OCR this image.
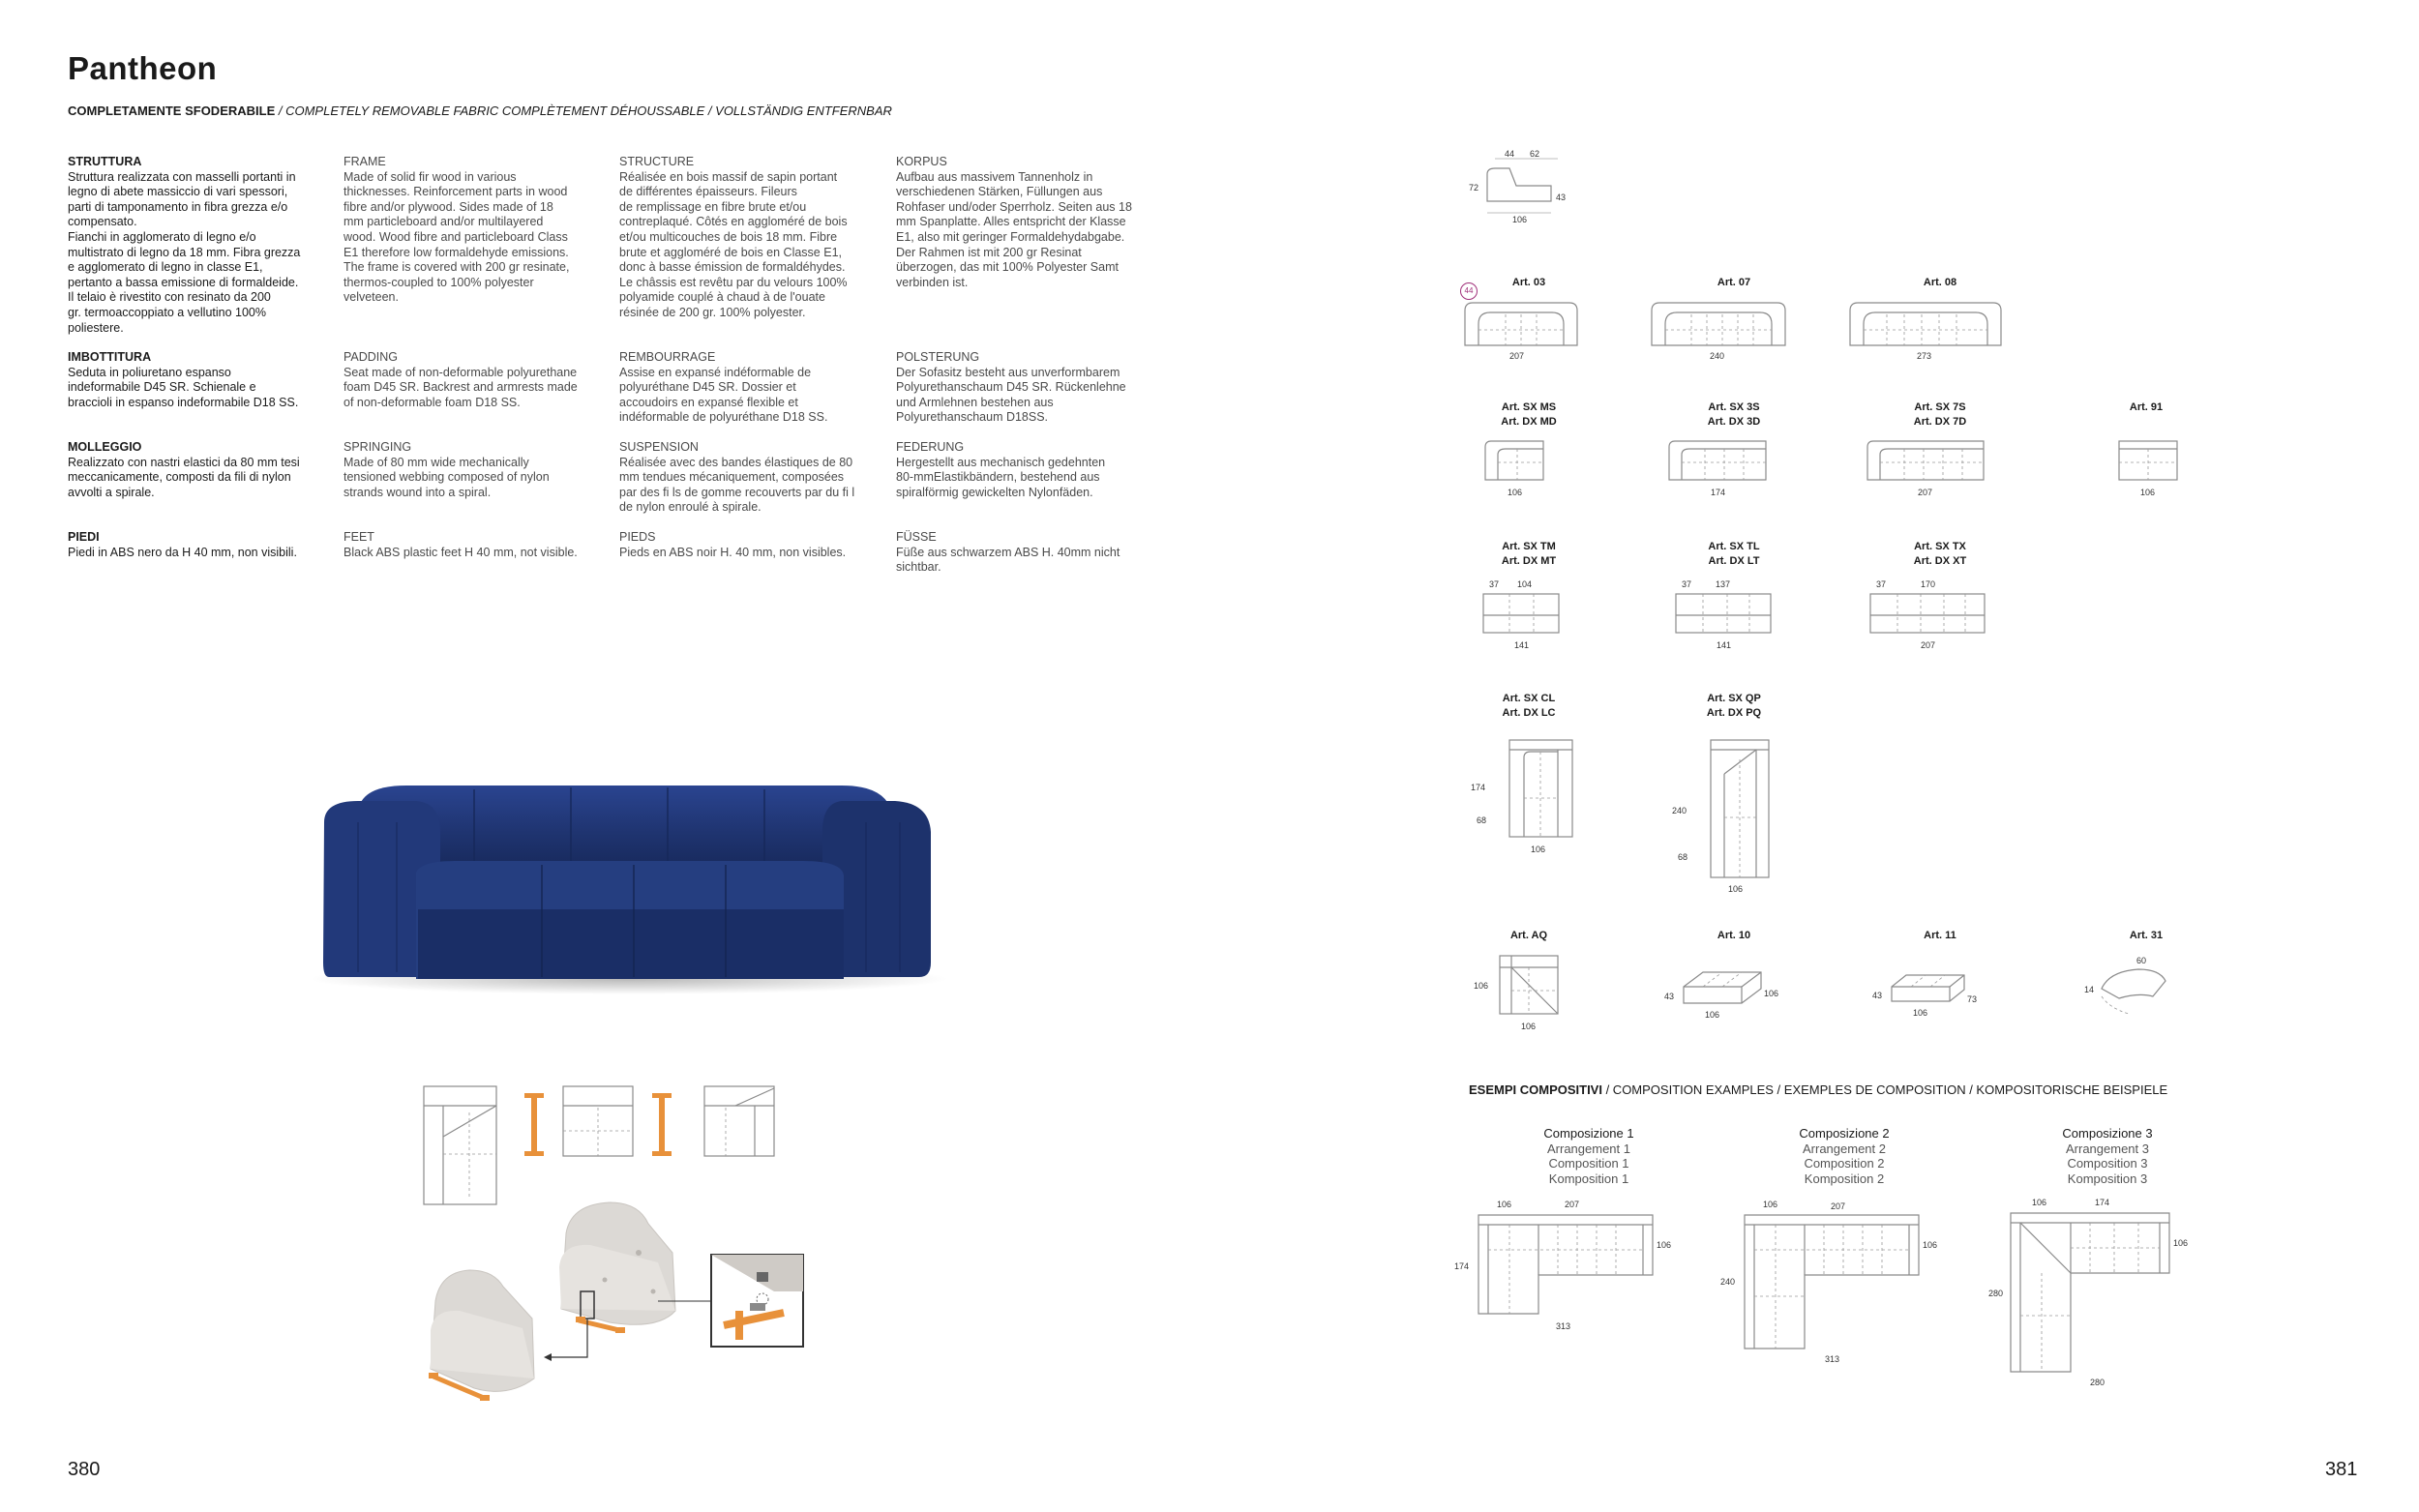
Pantheon
COMPLETAMENTE SFODERABILE / COMPLETELY REMOVABLE FABRIC COMPLÈTEMENT DÉHOUSSABLE / VOLLSTÄNDIG ENTFERNBAR
STRUTTURA
Struttura realizzata con masselli portanti in
legno di abete massiccio di vari spessori,
parti di tamponamento in fibra grezza e/o
compensato.
Fianchi in agglomerato di legno e/o
multistrato di legno da 18 mm. Fibra grezza
e agglomerato di legno in classe E1,
pertanto a bassa emissione di formaldeide.
Il telaio è rivestito con resinato da 200
gr. termoaccoppiato a vellutino 100%
poliestere.
IMBOTTITURA
Seduta in poliuretano espanso
indeformabile D45 SR. Schienale e
braccioli in espanso indeformabile D18 SS.
MOLLEGGIO
Realizzato con nastri elastici da 80 mm tesi
meccanicamente, composti da fili di nylon
avvolti a spirale.
PIEDI
Piedi in ABS nero da H 40 mm, non visibili.
FRAME
Made of solid fir wood in various
thicknesses. Reinforcement parts in wood
fibre and/or plywood. Sides made of 18
mm particleboard and/or multilayered
wood. Wood fibre and particleboard Class
E1 therefore low formaldehyde emissions.
The frame is covered with 200 gr resinate,
thermos-coupled to 100% polyester
velveteen.
PADDING
Seat made of non-deformable polyurethane
foam D45 SR. Backrest and armrests made
of non-deformable foam D18 SS.
SPRINGING
Made of 80 mm wide mechanically
tensioned webbing composed of nylon
strands wound into a spiral.
FEET
Black ABS plastic feet H 40 mm, not visible.
STRUCTURE
Réalisée en bois massif de sapin portant
de différentes épaisseurs. Fileurs
de remplissage en fibre brute et/ou
contreplaqué. Côtés en aggloméré de bois
et/ou multicouches de bois 18 mm. Fibre
brute et aggloméré de bois en Classe E1,
donc à basse émission de formaldéhydes.
Le châssis est revêtu par du velours 100%
polyamide couplé à chaud à de l'ouate
résinée de 200 gr. 100% polyester.
REMBOURRAGE
Assise en expansé indéformable de
polyuréthane D45 SR. Dossier et
accoudoirs en expansé flexible et
indéformable de polyuréthane D18 SS.
SUSPENSION
Réalisée avec des bandes élastiques de 80
mm tendues mécaniquement, composées
par des fi ls de gomme recouverts par du fi l
de nylon enroulé à spirale.
PIEDS
Pieds en ABS noir H. 40 mm, non visibles.
KORPUS
Aufbau aus massivem Tannenholz in
verschiedenen Stärken, Füllungen aus
Rohfaser und/oder Sperrholz. Seiten aus 18
mm Spanplatte. Alles entspricht der Klasse
E1, also mit geringer Formaldehydabgabe.
Der Rahmen ist mit 200 gr Resinat
überzogen, das mit 100% Polyester Samt
verbinden ist.
POLSTERUNG
Der Sofasitz besteht aus unverformbarem
Polyurethanschaum D45 SR. Rückenlehne
und Armlehnen bestehen aus
Polyurethanschaum D18SS.
FEDERUNG
Hergestellt aus mechanisch gedehnten
80-mmElastikbändern, bestehend aus
spiralförmig gewickelten Nylonfäden.
FÜSSE
Füße aus schwarzem ABS H. 40mm nicht
sichtbar.
380	381
44 62
72
43
106
44
Art. 03	Art. 07	Art. 08
207	240	273
Art. SX MS
Art. DX MD
Art. SX 3S
Art. DX 3D
Art. SX 7S
Art. DX 7D
Art. 91
106	174	207	106
Art. SX TM
Art. DX MT
Art. SX TL
Art. DX LT
Art. SX TX
Art. DX XT
37 104
141
37	137
141
37	170
207
Art. SX CL
Art. DX LC
Art. SX QP
Art. DX PQ
174
68
106
240
68
106
Art. AQ	Art. 10	Art. 11	Art. 31
106
106
43	106
106
43	73
106
60
14
ESEMPI COMPOSITIVI / COMPOSITION EXAMPLES / EXEMPLES DE COMPOSITION / KOMPOSITORISCHE BEISPIELE
Composizione 1
Arrangement 1
Composition 1
Komposition 1
Composizione 2
Arrangement 2
Composition 2
Komposition 2
Composizione 3
Arrangement 3
Composition 3
Komposition 3
106	207
106
174
313
106	207
106
240
313
106	174
106
280
280
